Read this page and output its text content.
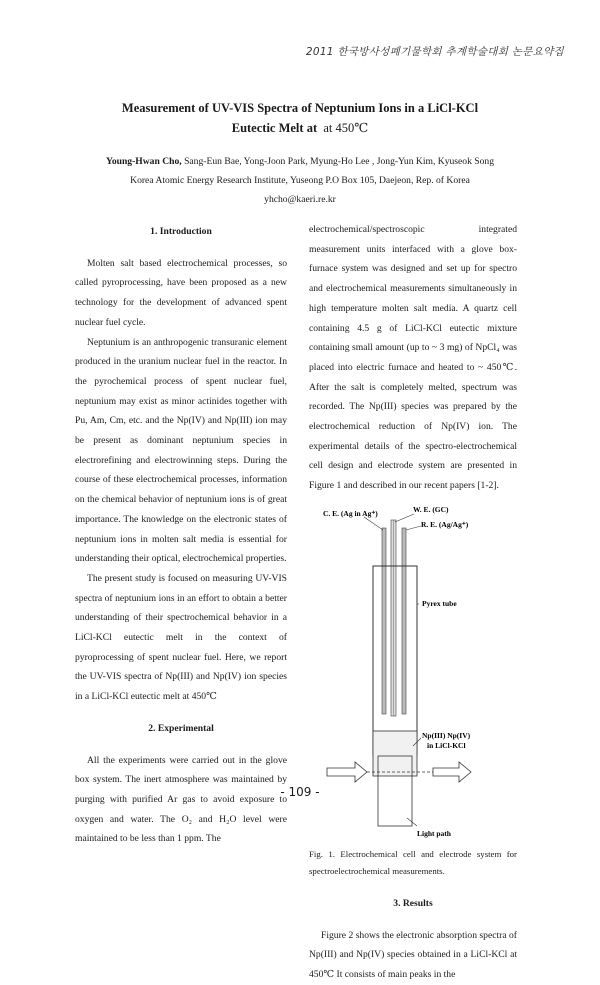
2011 한국방사성폐기물학회 추계학술대회 논문요약집
Measurement of UV-VIS Spectra of Neptunium Ions in a LiCl-KCl
Eutectic Melt at at 450℃
Young-Hwan Cho, Sang-Eun Bae, Yong-Joon Park, Myung-Ho Lee , Jong-Yun Kim, Kyuseok Song
Korea Atomic Energy Research Institute, Yuseong P.O Box 105, Daejeon, Rep. of Korea
yhcho@kaeri.re.kr

1. Introduction

Molten salt based electrochemical processes, so called pyroprocessing, have been proposed as a new technology for the development of advanced spent nuclear fuel cycle.

Neptunium is an anthropogenic transuranic element produced in the uranium nuclear fuel in the reactor. In the pyrochemical process of spent nuclear fuel, neptunium may exist as minor actinides together with Pu, Am, Cm, etc. and the Np(IV) and Np(III) ion may be present as dominant neptunium species in electrorefining and electrowinning steps. During the course of these electrochemical processes, information on the chemical behavior of neptunium ions is of great importance. The knowledge on the electronic states of neptunium ions in molten salt media is essential for understanding their optical, electrochemical properties.

The present study is focused on measuring UV-VIS spectra of neptunium ions in an effort to obtain a better understanding of their spectrochemical behavior in a LiCl-KCl eutectic melt in the context of pyroprocessing of spent nuclear fuel. Here, we report the UV-VIS spectra of Np(III) and Np(IV) ion species in a LiCl-KCl eutectic melt at 450℃

2. Experimental

All the experiments were carried out in the glove box system. The inert atmosphere was maintained by purging with purified Ar gas to avoid exposure to oxygen and water. The O₂ and H₂O level were maintained to be less than 1 ppm. The

electrochemical/spectroscopic integrated measurement units interfaced with a glove box-furnace system was designed and set up for spectro and electrochemical measurements simultaneously in high temperature molten salt media. A quartz cell containing 4.5 g of LiCl-KCl eutectic mixture containing small amount (up to ~ 3 mg) of NpCl₄ was placed into electric furnace and heated to ~ 450℃. After the salt is completely melted, spectrum was recorded. The Np(III) species was prepared by the electrochemical reduction of Np(IV) ion. The experimental details of the spectro-electrochemical cell design and electrode system are presented in Figure 1 and described in our recent papers [1-2].

C. E. (Ag in Ag⁺)	W. E. (GC)
R. E. (Ag/Ag⁺)
Pyrex tube
Np(III) Np(IV)
in LiCl-KCl
Light path

Fig. 1. Electrochemical cell and electrode system for spectroelectrochemical measurements.

3. Results

Figure 2 shows the electronic absorption spectra of Np(III) and Np(IV) species obtained in a LiCl-KCl at 450℃ It consists of main peaks in the

- 109 -
